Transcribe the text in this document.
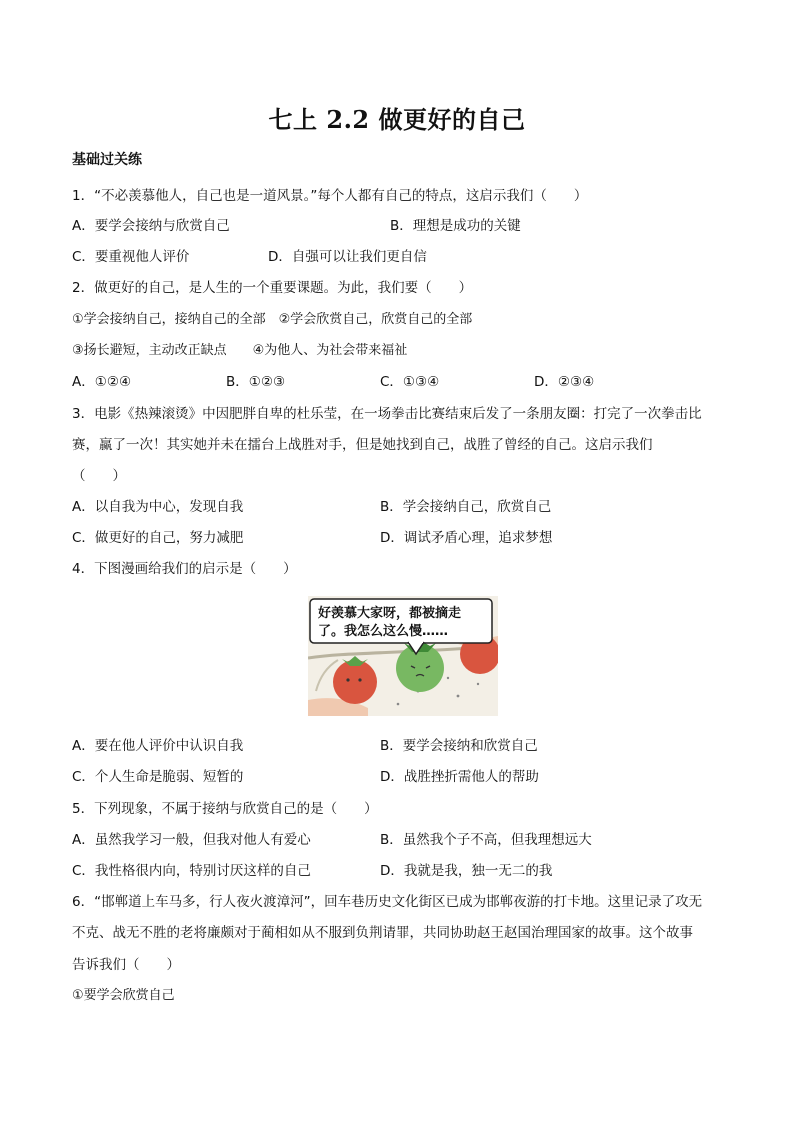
七上 2.2 做更好的自己
基础过关练
1．“不必羡慕他人，自己也是一道风景。”每个人都有自己的特点，这启示我们（　　）
A．要学会接纳与欣赏自己	B．理想是成功的关键
C．要重视他人评价	D．自强可以让我们更自信
2．做更好的自己，是人生的一个重要课题。为此，我们要（　　）
①学会接纳自己，接纳自己的全部　②学会欣赏自己，欣赏自己的全部
③扬长避短，主动改正缺点　　④为他人、为社会带来福祉
A．①②④	B．①②③	C．①③④	D．②③④
3．电影《热辣滚烫》中因肥胖自卑的杜乐莹，在一场拳击比赛结束后发了一条朋友圈：打完了一次拳击比
赛，赢了一次！其实她并未在擂台上战胜对手，但是她找到自己，战胜了曾经的自己。这启示我们
（　　）
A．以自我为中心，发现自我	B．学会接纳自己，欣赏自己
C．做更好的自己，努力减肥	D．调试矛盾心理，追求梦想
4．下图漫画给我们的启示是（　　）
好羡慕大家呀，都被摘走
了。我怎么这么慢……
A．要在他人评价中认识自我	B．要学会接纳和欣赏自己
C．个人生命是脆弱、短暂的	D．战胜挫折需他人的帮助
5．下列现象，不属于接纳与欣赏自己的是（　　）
A．虽然我学习一般，但我对他人有爱心	B．虽然我个子不高，但我理想远大
C．我性格很内向，特别讨厌这样的自己	D．我就是我，独一无二的我
6．“邯郸道上车马多，行人夜火渡漳河”，回车巷历史文化街区已成为邯郸夜游的打卡地。这里记录了攻无
不克、战无不胜的老将廉颇对于蔺相如从不服到负荆请罪，共同协助赵王赵国治理国家的故事。这个故事
告诉我们（　　）
①要学会欣赏自己
